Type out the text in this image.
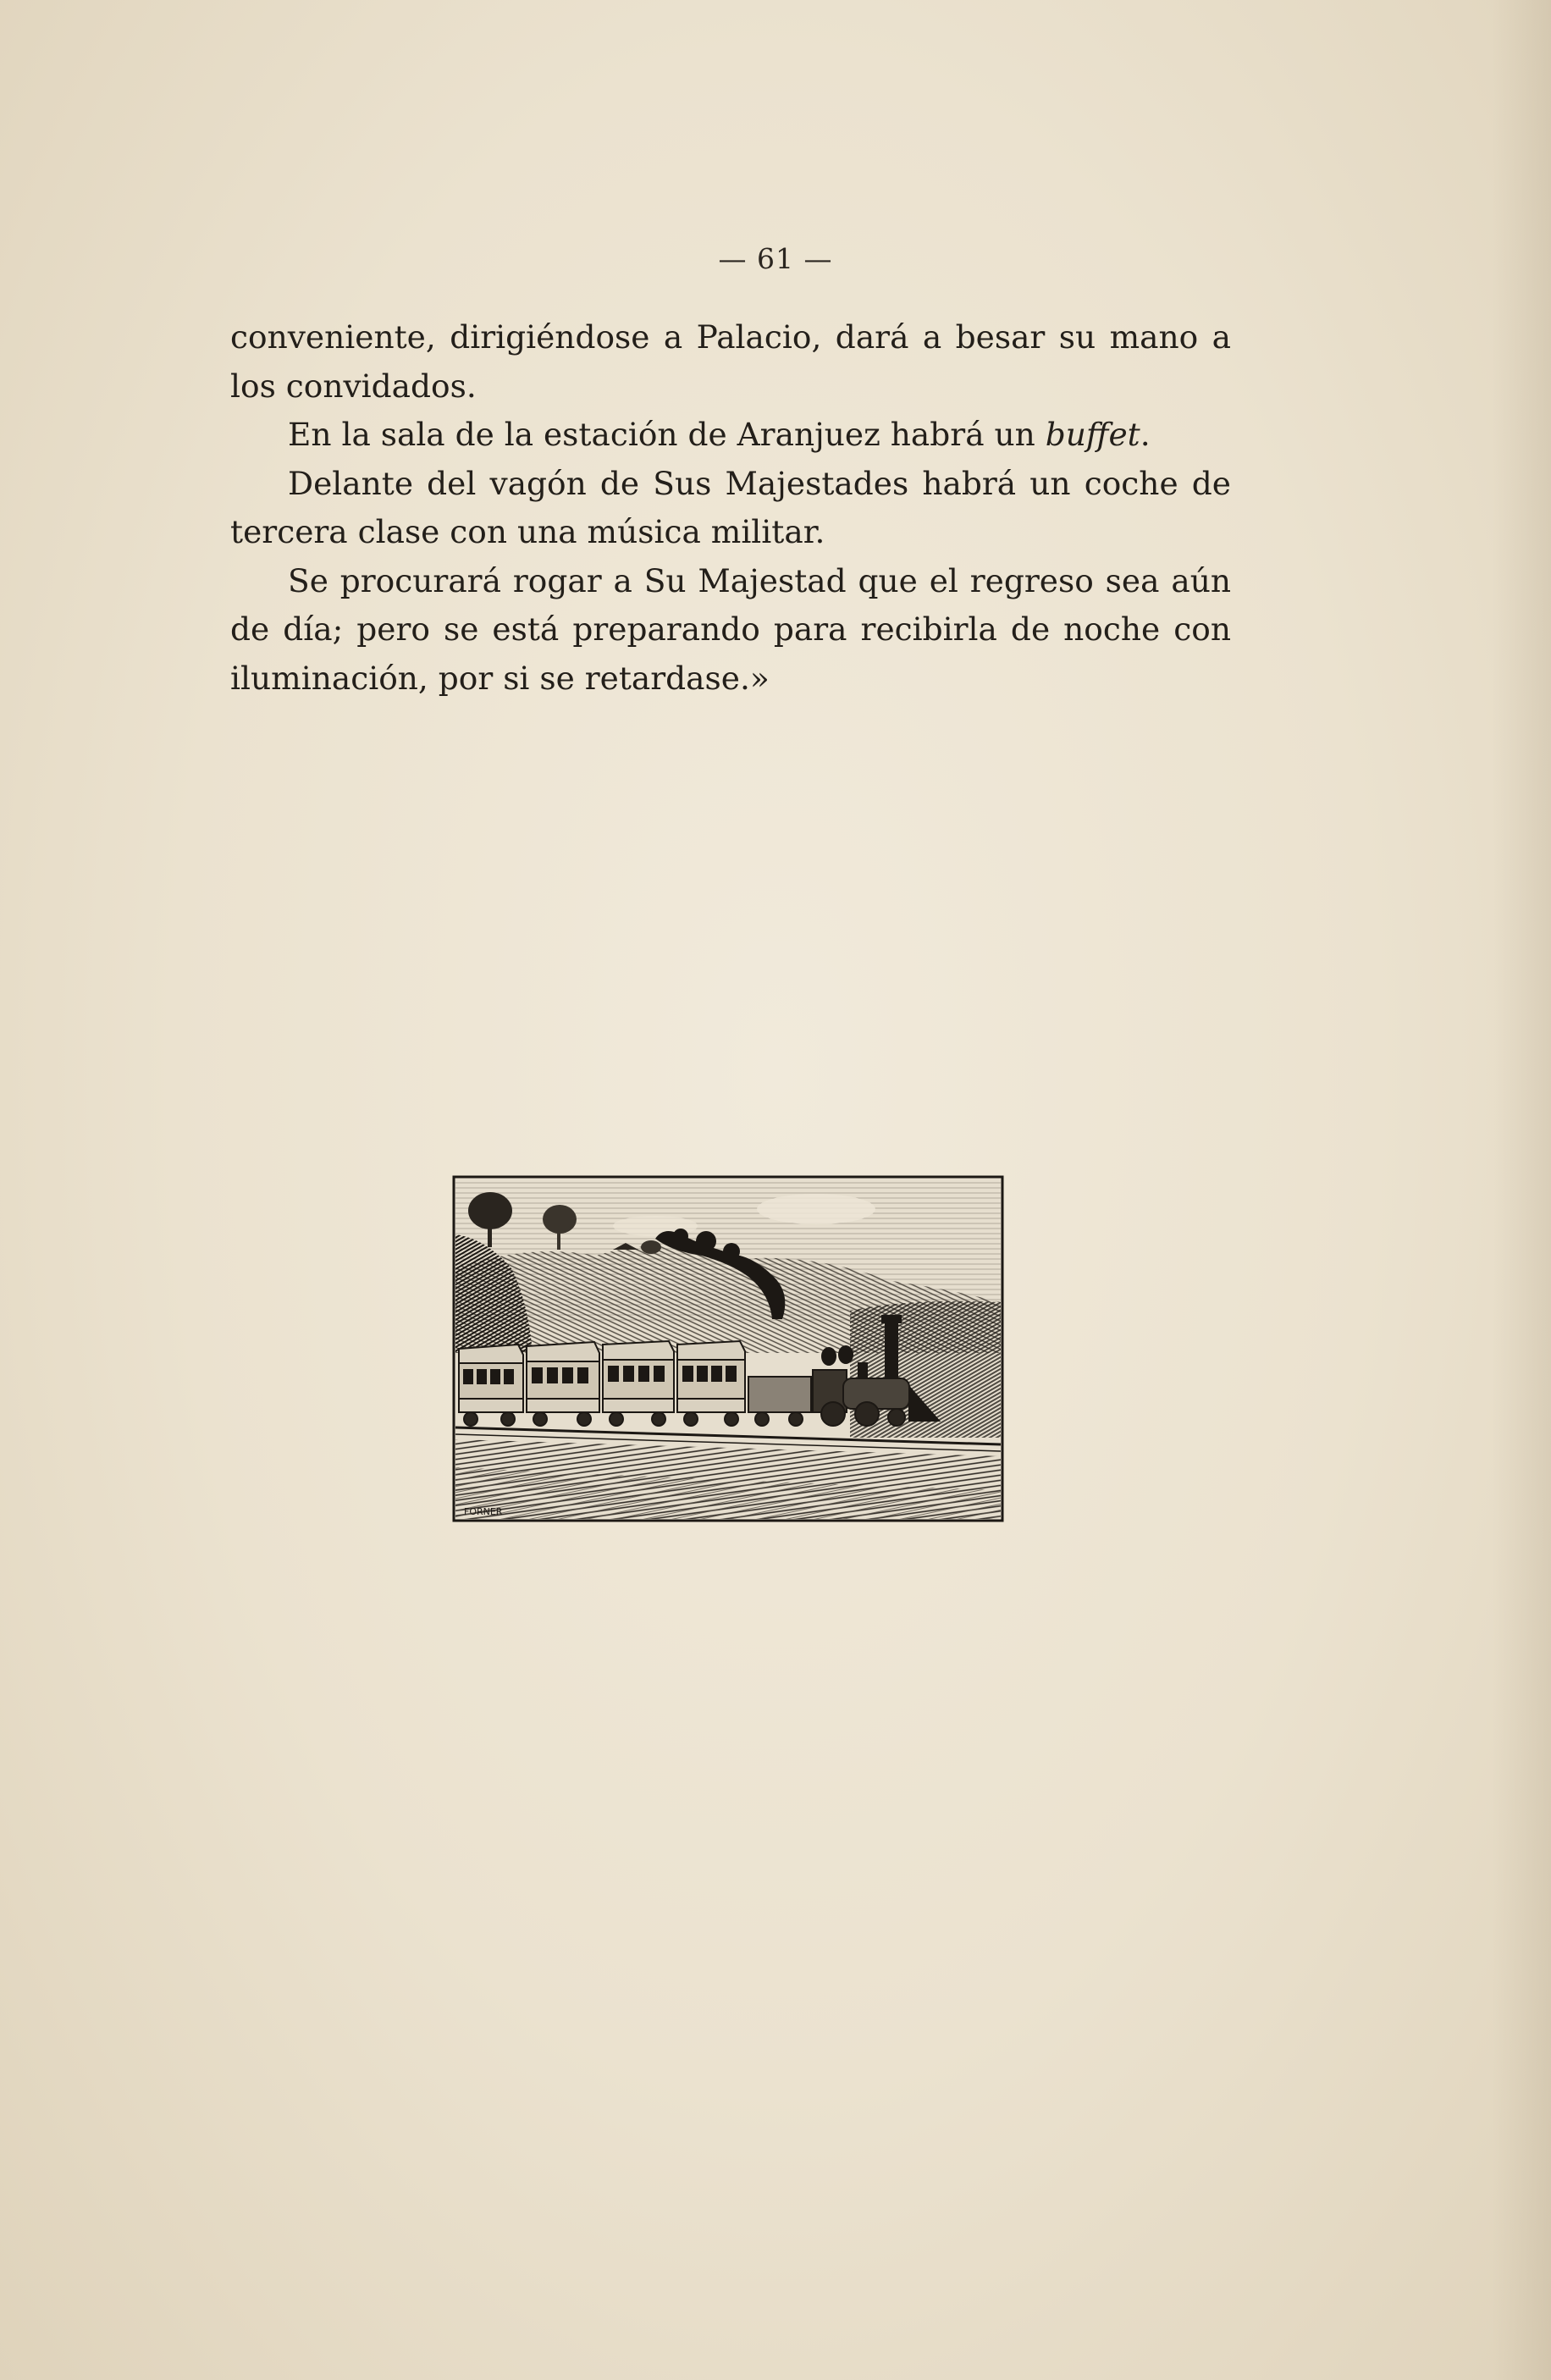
— 61 —

conveniente, dirigiéndose a Palacio, dará a besar su mano a los convidados.

En la sala de la estación de Aranjuez habrá un buffet.

Delante del vagón de Sus Majestades habrá un coche de tercera clase con una música militar.

Se procurará rogar a Su Majestad que el regreso sea aún de día; pero se está preparando para recibirla de noche con iluminación, por si se retardase.»

FORNER
